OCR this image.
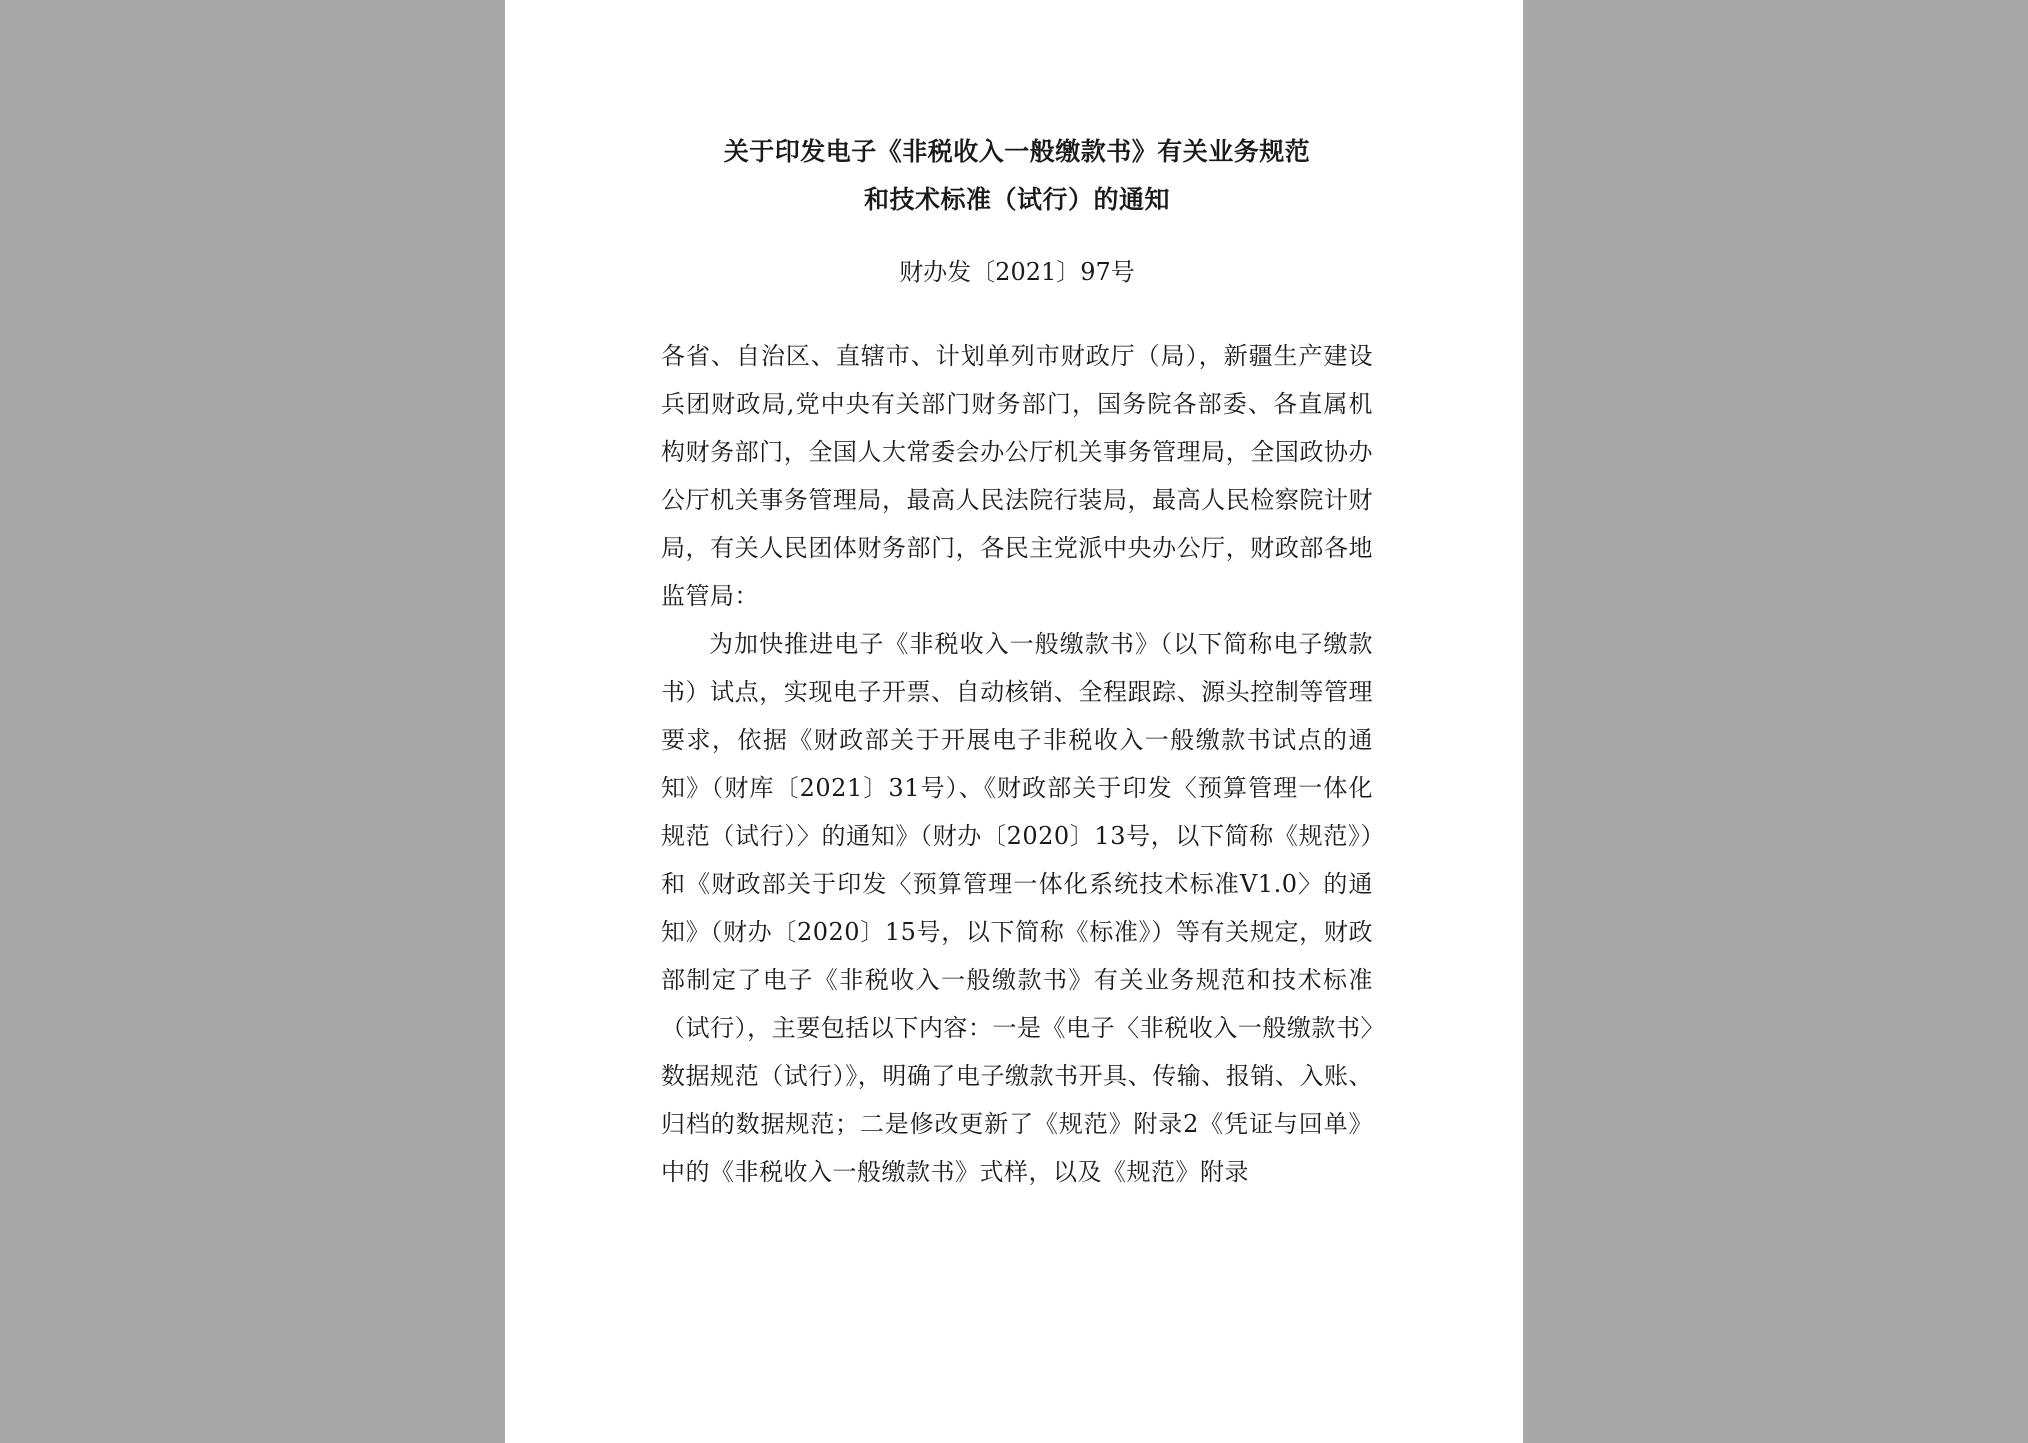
关于印发电子《非税收入一般缴款书》有关业务规范
和技术标准（试行）的通知

财办发〔2021〕97号

各省、自治区、直辖市、计划单列市财政厅（局），新疆生产建设兵团财政局,党中央有关部门财务部门，国务院各部委、各直属机构财务部门，全国人大常委会办公厅机关事务管理局，全国政协办公厅机关事务管理局，最高人民法院行装局，最高人民检察院计财局，有关人民团体财务部门，各民主党派中央办公厅，财政部各地监管局：

为加快推进电子《非税收入一般缴款书》（以下简称电子缴款书）试点，实现电子开票、自动核销、全程跟踪、源头控制等管理要求，依据《财政部关于开展电子非税收入一般缴款书试点的通知》（财库〔2021〕31号）、《财政部关于印发〈预算管理一体化规范（试行）〉的通知》（财办〔2020〕13号，以下简称《规范》）和《财政部关于印发〈预算管理一体化系统技术标准V1.0〉的通知》（财办〔2020〕15号，以下简称《标准》）等有关规定，财政部制定了电子《非税收入一般缴款书》有关业务规范和技术标准（试行），主要包括以下内容：一是《电子〈非税收入一般缴款书〉数据规范（试行）》，明确了电子缴款书开具、传输、报销、入账、归档的数据规范；二是修改更新了《规范》附录2《凭证与回单》中的《非税收入一般缴款书》式样，以及《规范》附录
